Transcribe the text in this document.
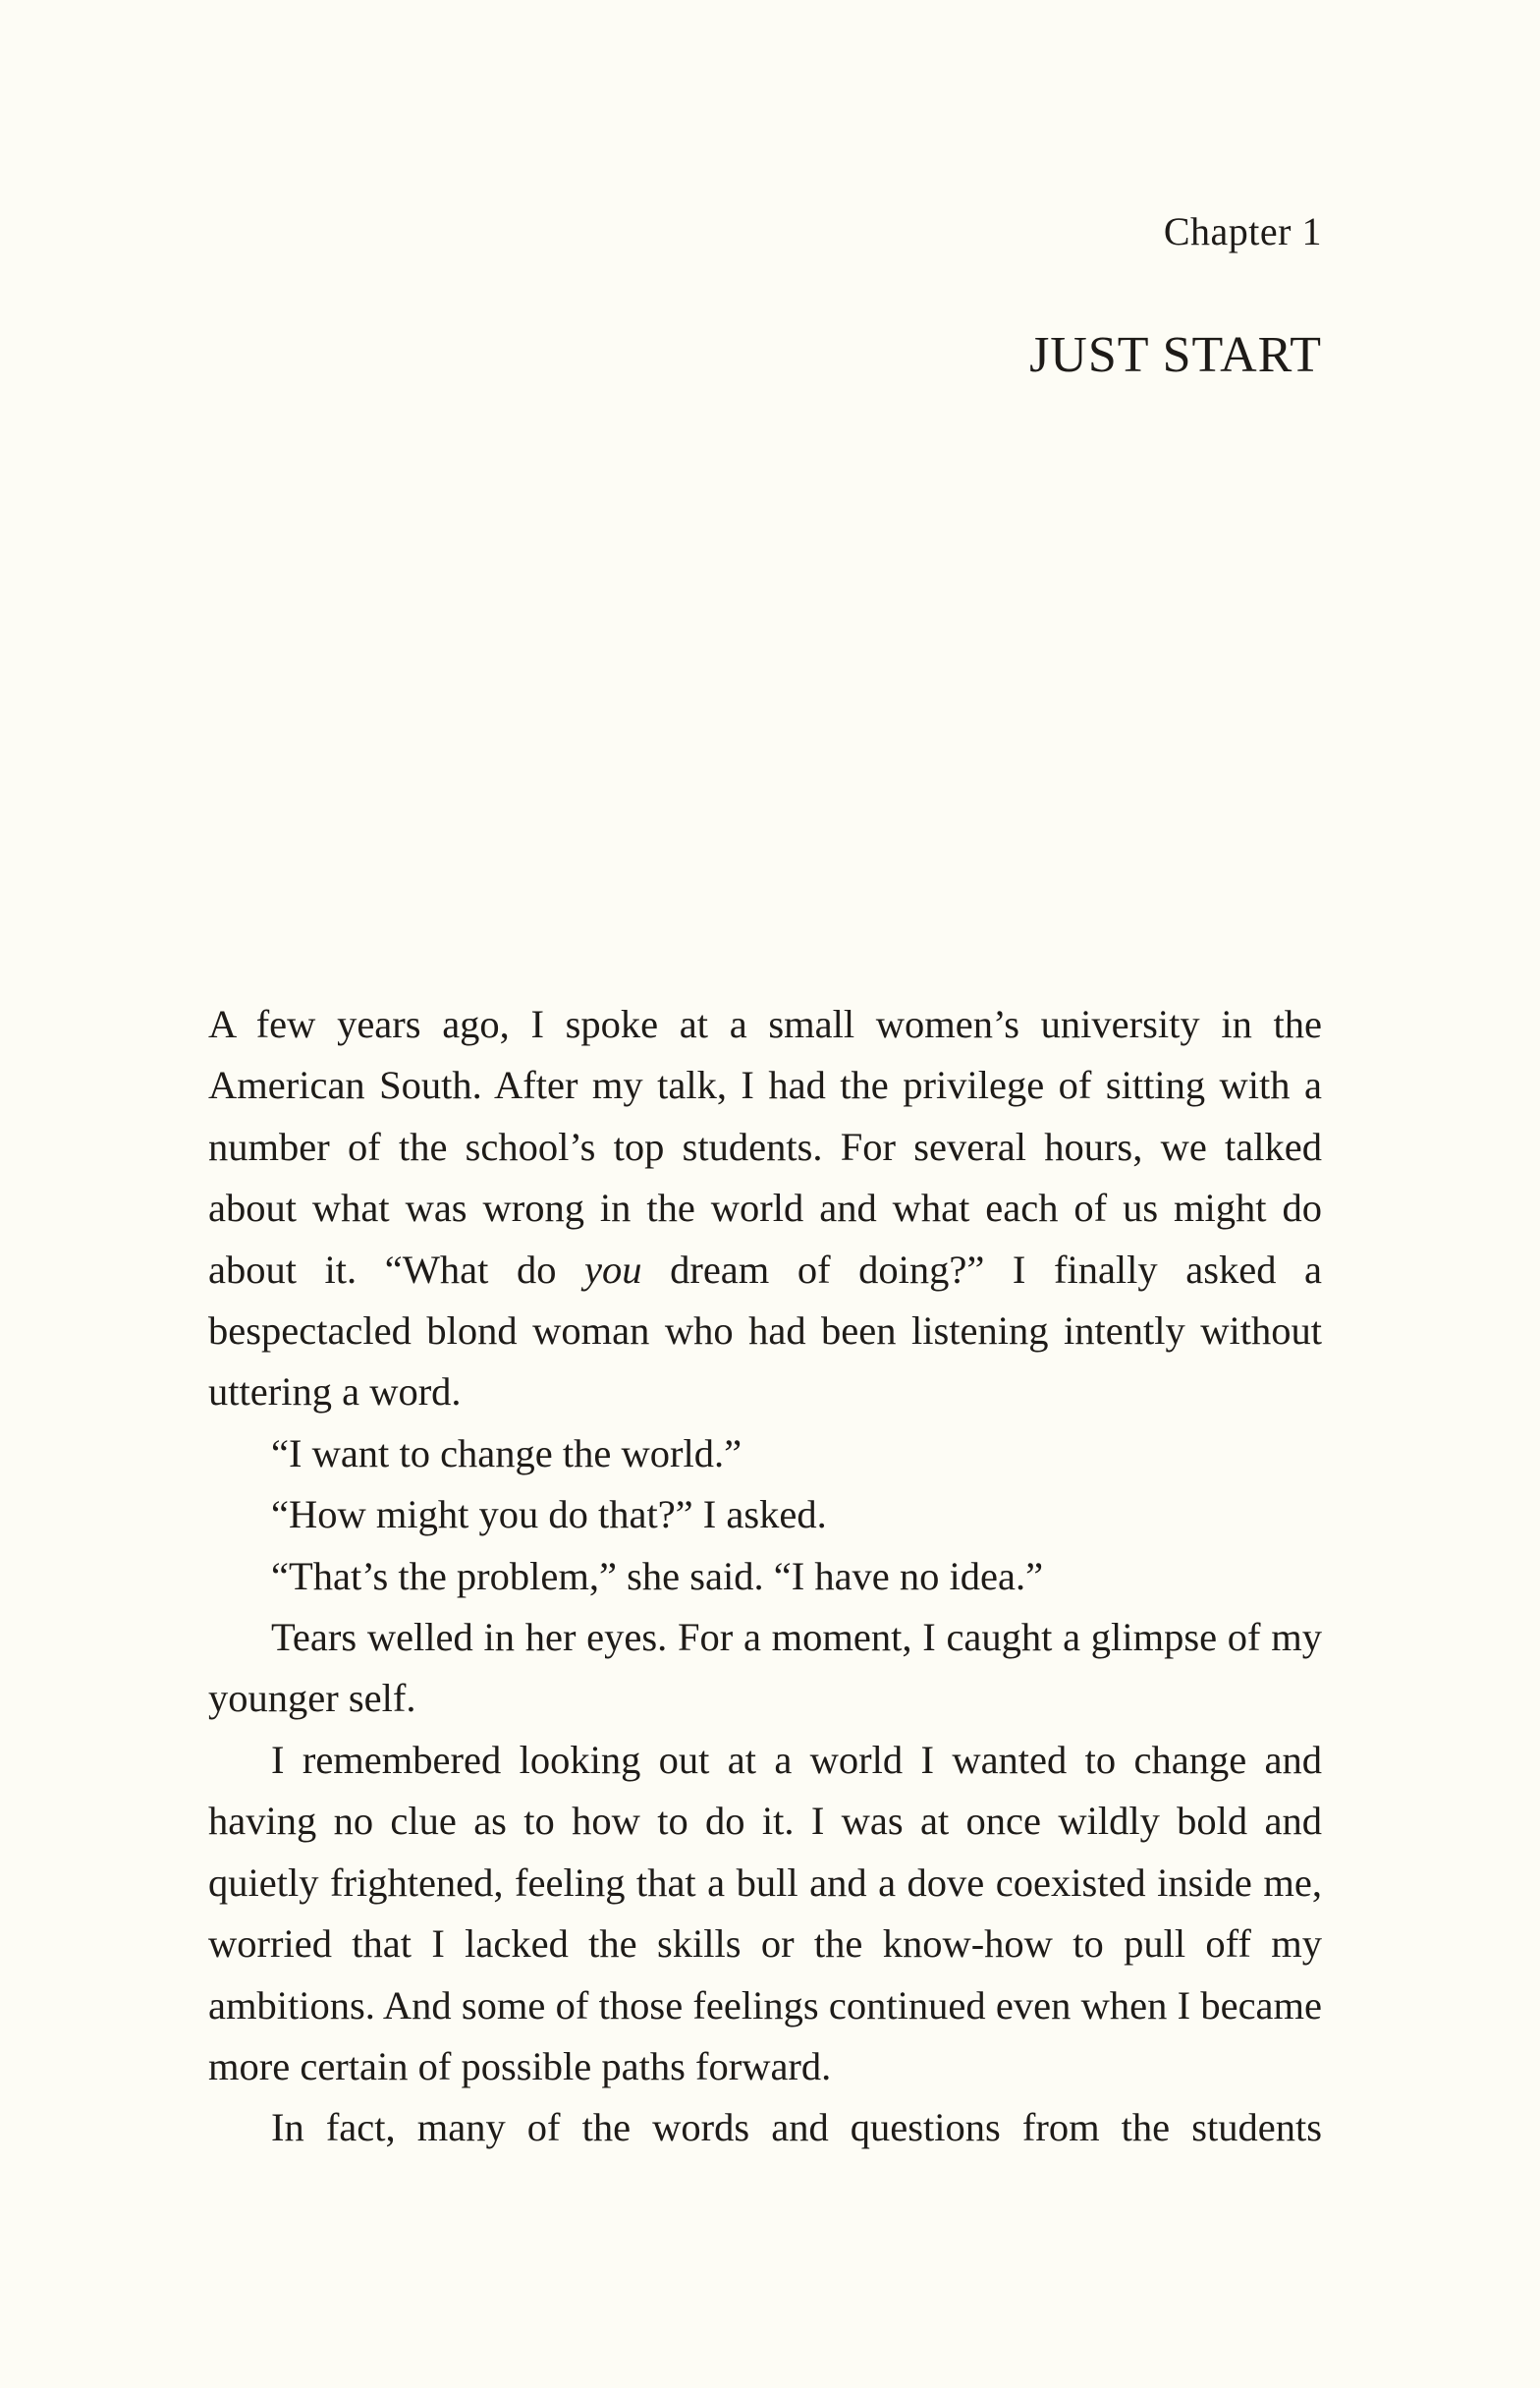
Chapter 1
JUST START

A few years ago, I spoke at a small women’s university in the American South. After my talk, I had the privilege of sitting with a number of the school’s top students. For several hours, we talked about what was wrong in the world and what each of us might do about it. “What do you dream of doing?” I finally asked a bespectacled blond woman who had been listening intently without uttering a word.

“I want to change the world.”

“How might you do that?” I asked.

“That’s the problem,” she said. “I have no idea.”

Tears welled in her eyes. For a moment, I caught a glimpse of my younger self.

I remembered looking out at a world I wanted to change and having no clue as to how to do it. I was at once wildly bold and quietly frightened, feeling that a bull and a dove coexisted inside me, worried that I lacked the skills or the know-how to pull off my ambitions. And some of those feelings continued even when I became more certain of possible paths forward.

In fact, many of the words and questions from the students
